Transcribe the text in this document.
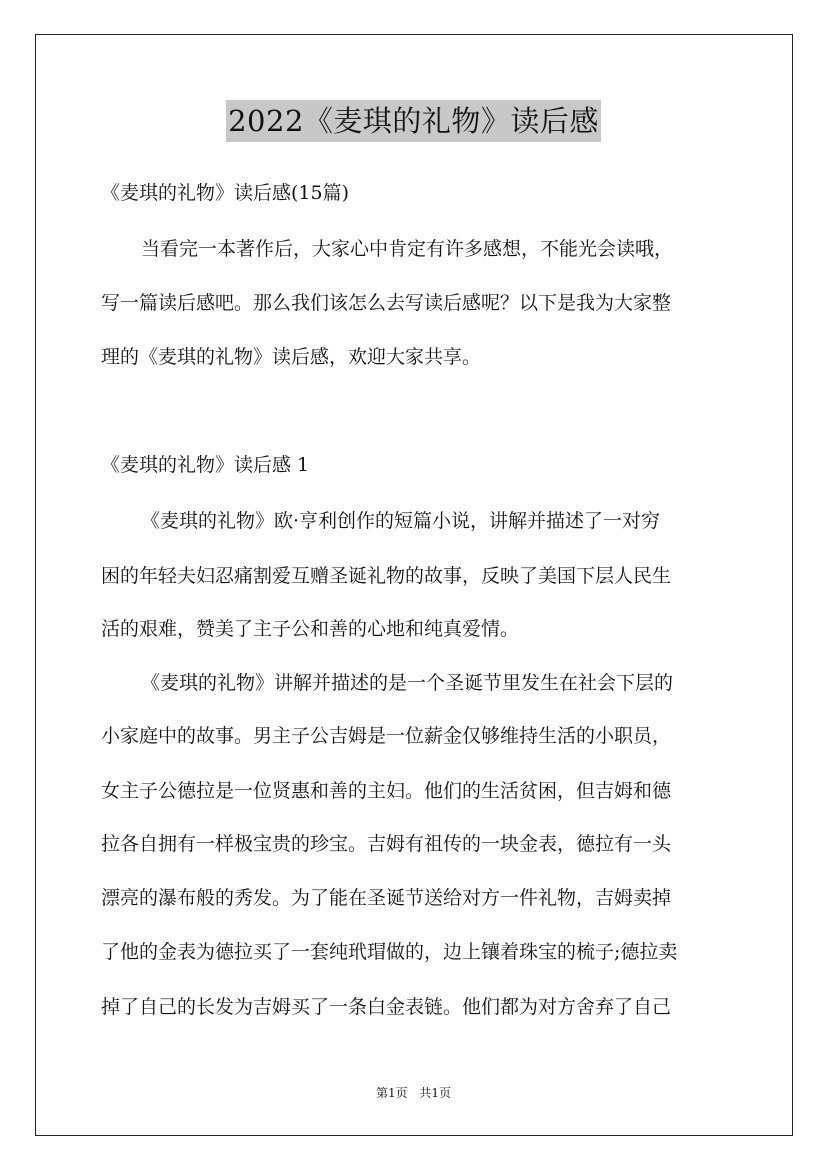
2022《麦琪的礼物》读后感
《麦琪的礼物》读后感(15篇)
当看完一本著作后，大家心中肯定有许多感想，不能光会读哦，
写一篇读后感吧。那么我们该怎么去写读后感呢？以下是我为大家整
理的《麦琪的礼物》读后感，欢迎大家共享。
《麦琪的礼物》读后感 1
《麦琪的礼物》欧·亨利创作的短篇小说，讲解并描述了一对穷
困的年轻夫妇忍痛割爱互赠圣诞礼物的故事，反映了美国下层人民生
活的艰难，赞美了主子公和善的心地和纯真爱情。
《麦琪的礼物》讲解并描述的是一个圣诞节里发生在社会下层的
小家庭中的故事。男主子公吉姆是一位薪金仅够维持生活的小职员，
女主子公德拉是一位贤惠和善的主妇。他们的生活贫困，但吉姆和德
拉各自拥有一样极宝贵的珍宝。吉姆有祖传的一块金表，德拉有一头
漂亮的瀑布般的秀发。为了能在圣诞节送给对方一件礼物，吉姆卖掉
了他的金表为德拉买了一套纯玳瑁做的，边上镶着珠宝的梳子;德拉卖
掉了自己的长发为吉姆买了一条白金表链。他们都为对方舍弃了自己
第1页 共1页
